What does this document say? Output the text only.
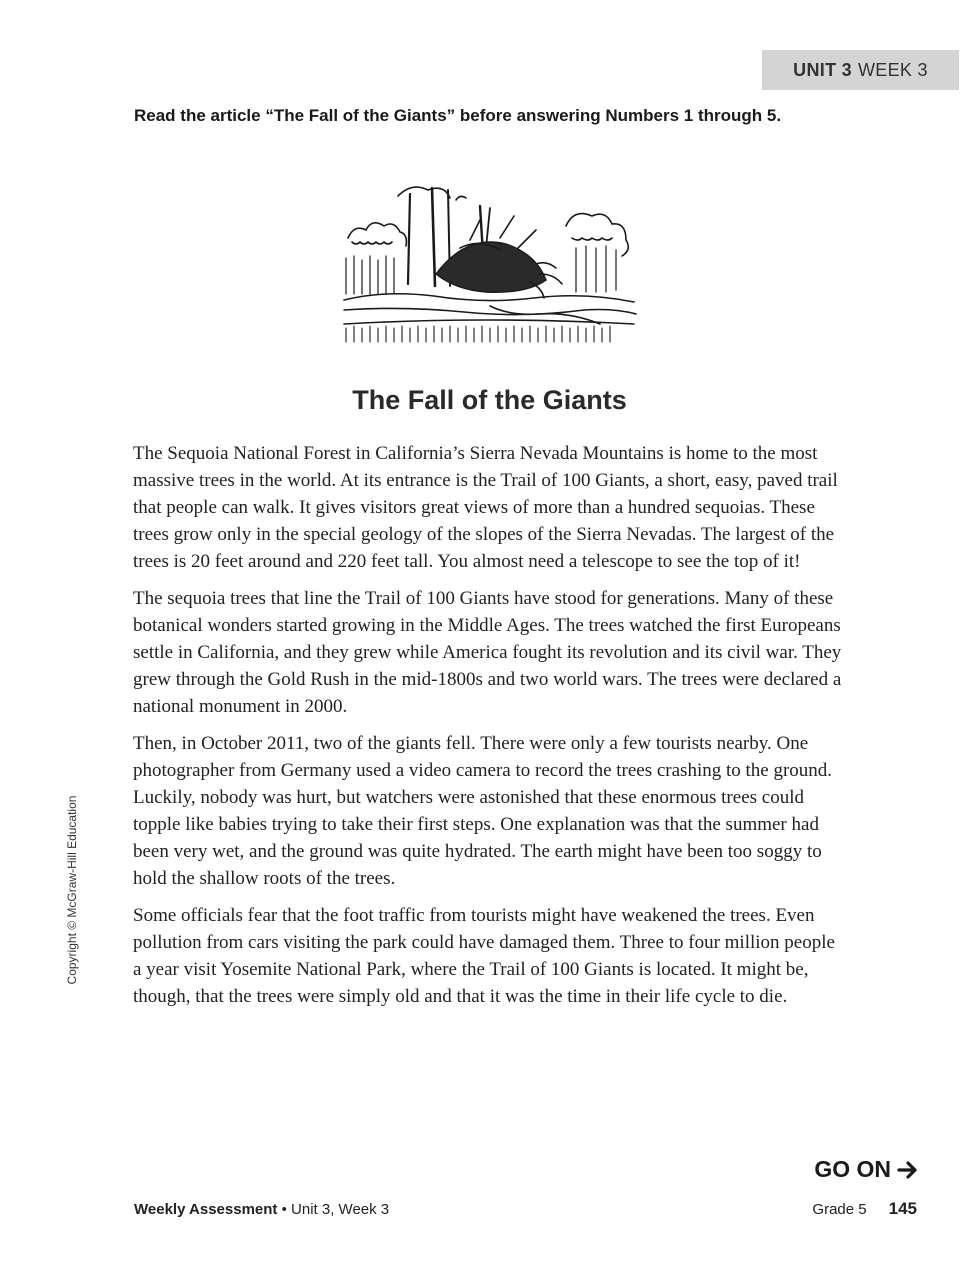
UNIT 3 WEEK 3
Read the article “The Fall of the Giants” before answering Numbers 1 through 5.
The Fall of the Giants

The Sequoia National Forest in California’s Sierra Nevada Mountains is home to the most massive trees in the world. At its entrance is the Trail of 100 Giants, a short, easy, paved trail that people can walk. It gives visitors great views of more than a hundred sequoias. These trees grow only in the special geology of the slopes of the Sierra Nevadas. The largest of the trees is 20 feet around and 220 feet tall. You almost need a telescope to see the top of it!

The sequoia trees that line the Trail of 100 Giants have stood for generations. Many of these botanical wonders started growing in the Middle Ages. The trees watched the first Europeans settle in California, and they grew while America fought its revolution and its civil war. They grew through the Gold Rush in the mid-1800s and two world wars. The trees were declared a national monument in 2000.

Then, in October 2011, two of the giants fell. There were only a few tourists nearby. One photographer from Germany used a video camera to record the trees crashing to the ground. Luckily, nobody was hurt, but watchers were astonished that these enormous trees could topple like babies trying to take their first steps. One explanation was that the summer had been very wet, and the ground was quite hydrated. The earth might have been too soggy to hold the shallow roots of the trees.

Some officials fear that the foot traffic from tourists might have weakened the trees. Even pollution from cars visiting the park could have damaged them. Three to four million people a year visit Yosemite National Park, where the Trail of 100 Giants is located. It might be, though, that the trees were simply old and that it was the time in their life cycle to die.

Copyright © McGraw-Hill Education
GO ON
Weekly Assessment • Unit 3, Week 3	Grade 5 145
